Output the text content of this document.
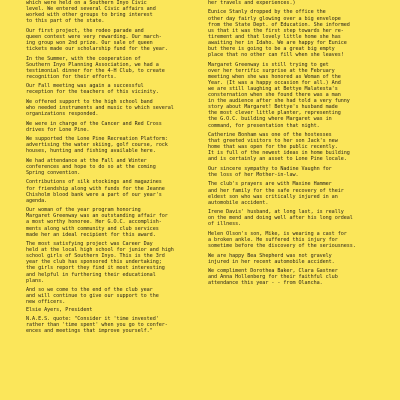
which were held on a Southern Inyo Civic
level. We entered several Civic affairs and
worked with other groups to bring interest
to this part of the state.
Our first project, the rodeo parade and
queen contest were very rewarding. Our march-
ing group won 2nd prize. Our sale of queen
tickets made our scholarship fund for the year.
In the Summer, with the cooperation of
Southern Inyo Planning Association, we had a
testimonial dinner for the 4-H Club, to create
recognition for their efforts.
Our Fall meeting was again a successful
reception for the teachers of this vicinity.
We offered support to the high school band
who needed instruments and music to which several
organizations responded.
We were in charge of the Cancer and Red Cross
drives for Lone Pine.
We supported the Lone Pine Recreation Platform:
advertising the water skiing, golf course, rock
houses, hunting and fishing available here.
We had attendance at the Fall and Winter
conferences and hope to do so at the coming
Spring convention.
Contributions of silk stockings and magazines
for friendship along with funds for the Jeanne
Chisholm blood bank were a part of our year's
agenda.
Our woman of the year program honoring
Margaret Greenway was an outstanding affair for
a most worthy honoree. Her G.O.C. accomplish-
ments along with community and club services
made her an ideal recipient for this award.
The most satisfying project was Career Day
held at the local high school for junior and high
school girls of Southern Inyo. This is the 3rd
year the club has sponsored this undertaking;
the girls report they find it most interesting
and helpful in furthering their educational
plans.
And so we come to the end of the club year
and will continue to give our support to the
new officers.
Elsie Ayers, President
N.A.E.S. quote: "Consider it 'time invested'
rather than 'time spent' when you go to confer-
ences and meetings that improve yourself."
her travels and experiences.)
Eunice Stanly dropped by the office the
other day fairly glowing over a big envelope
from the State Dept. of Education. She informed
us that it was the first step towards her re-
tirement and that lovely little home she has
awaiting her in Idaho. We are happy for Eunice
but there is going to be a great big empty
place that no other can fill when she leaves!
Margaret Greenway is still trying to get
over her terrific surprise at the February
meeting when she was honored as Woman of the
Year. (It was a happy occasion for all.) And
we are still laughing at Bettye Malatesta's
consternation when she found there was a man
in the audience after she had told a very funny
story about Margaret! Bettye's husband made
the most clever little planter, representing
the G.O.C. building where Margaret was in
command, for presentation that night.
Catherine Bonham was one of the hostesses
that greeted visitors to her son Jack's new
home that was open for the public recently.
It is full of the newest ideas in home building
and is certainly an asset to Lone Pine locale.
Our sincere sympathy to Nadine Vaughn for
the loss of her Mother-in-law.
The club's prayers are with Maxine Hammer
and her family for the safe recovery of their
eldest son who was critically injured in an
automobile accident.
Irene Davis' husband, at long last, is really
on the mend and doing well after his long ordeal
of illness.
Helen Olson's son, Mike, is wearing a cast for
a broken ankle. He suffered this injury for
sometime before the discovery of the seriousness.
We are happy Bea Shepherd was not gravely
injured in her recent automobile accident.
We compliment Dorothea Baker, Clara Gastner
and Anna Hollenberg for their faithful club
attendance this year - - from Olancha.
